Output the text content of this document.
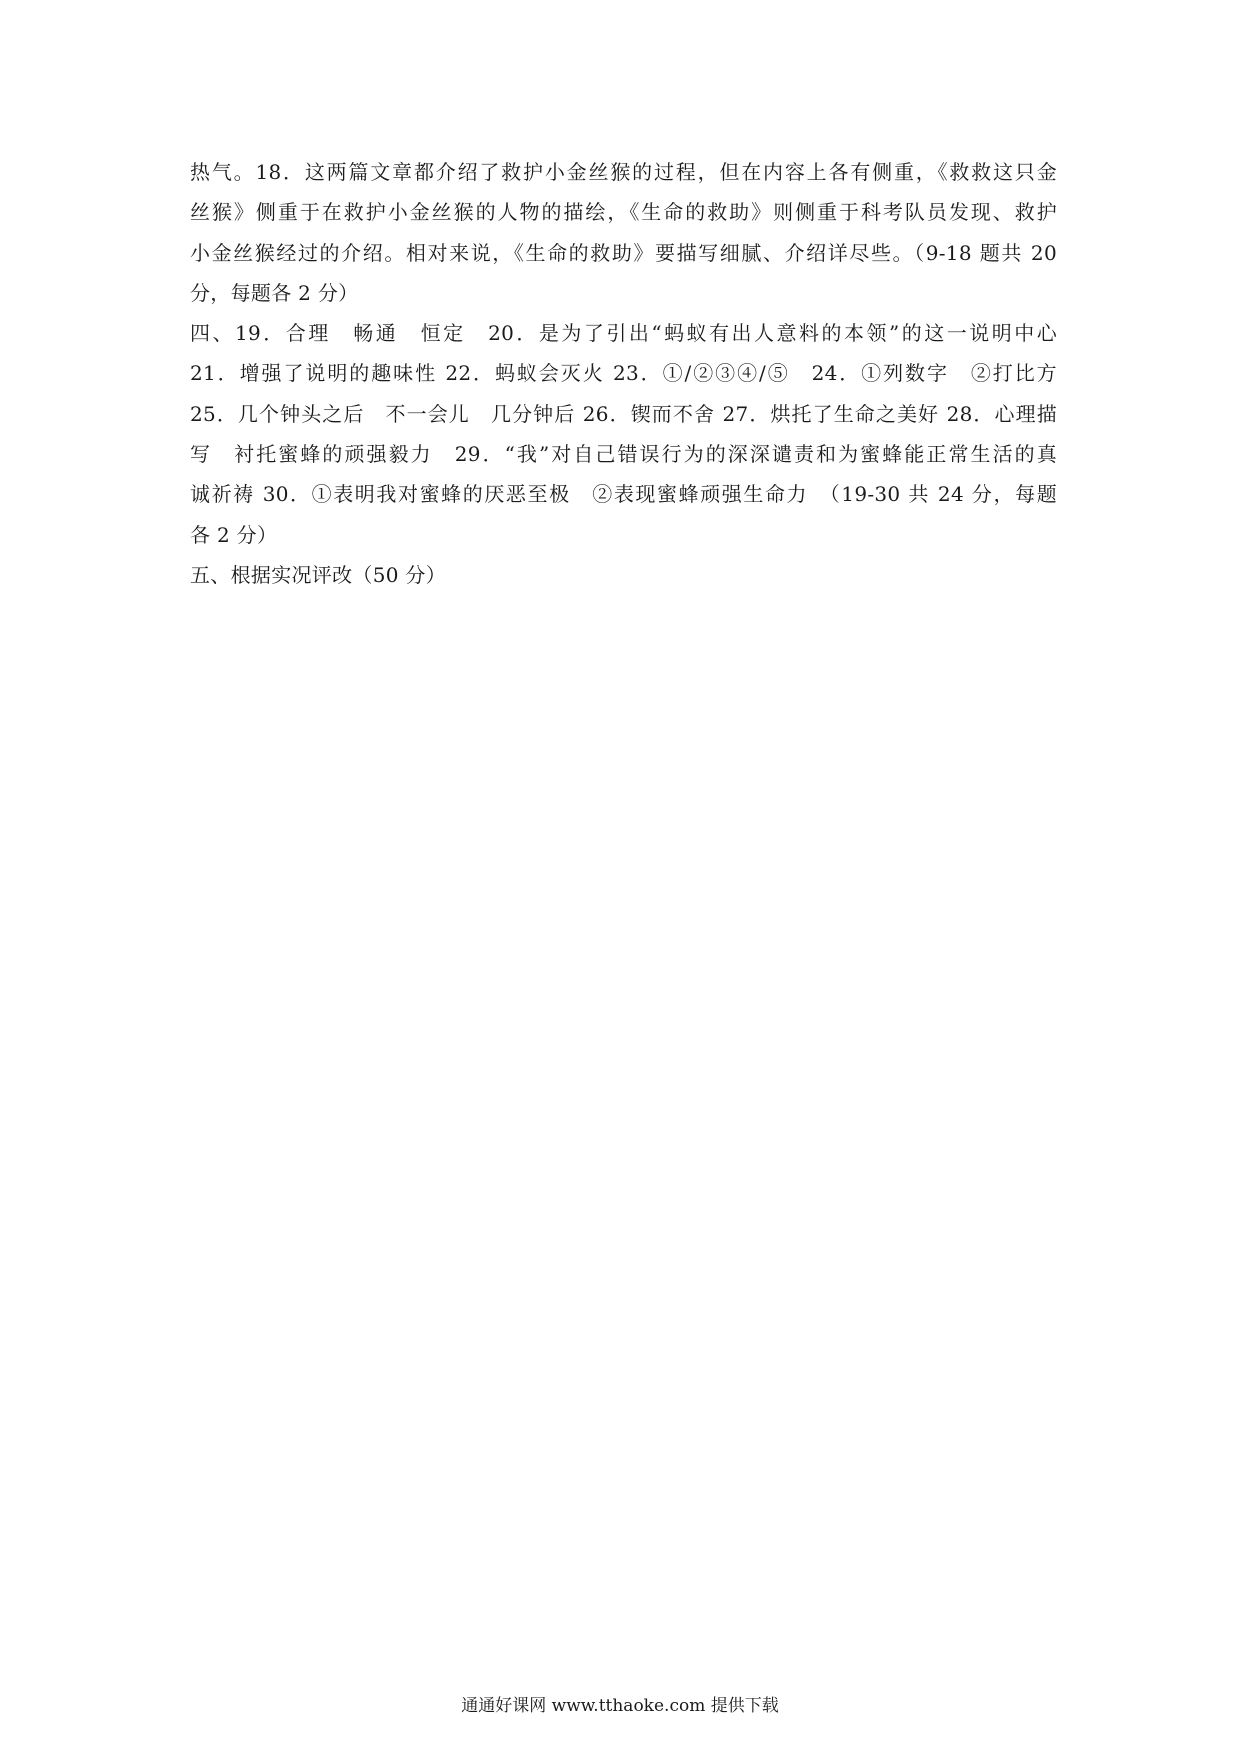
热气。18．这两篇文章都介绍了救护小金丝猴的过程，但在内容上各有侧重，《救救这只金
丝猴》侧重于在救护小金丝猴的人物的描绘，《生命的救助》则侧重于科考队员发现、救护
小金丝猴经过的介绍。相对来说，《生命的救助》要描写细腻、介绍详尽些。（9-18 题共 20
分，每题各 2 分）
四、19．合理　畅通　恒定　20．是为了引出“蚂蚁有出人意料的本领”的这一说明中心
21．增强了说明的趣味性 22．蚂蚁会灭火 23．①/②③④/⑤　24．①列数字　②打比方
25．几个钟头之后　不一会儿　几分钟后 26．锲而不舍 27．烘托了生命之美好 28．心理描
写　衬托蜜蜂的顽强毅力　29．“我”对自己错误行为的深深谴责和为蜜蜂能正常生活的真
诚祈祷 30．①表明我对蜜蜂的厌恶至极　②表现蜜蜂顽强生命力　（19-30 共 24 分，每题
各 2 分）
五、根据实况评改（50 分）
通通好课网 www.tthaoke.com 提供下载
